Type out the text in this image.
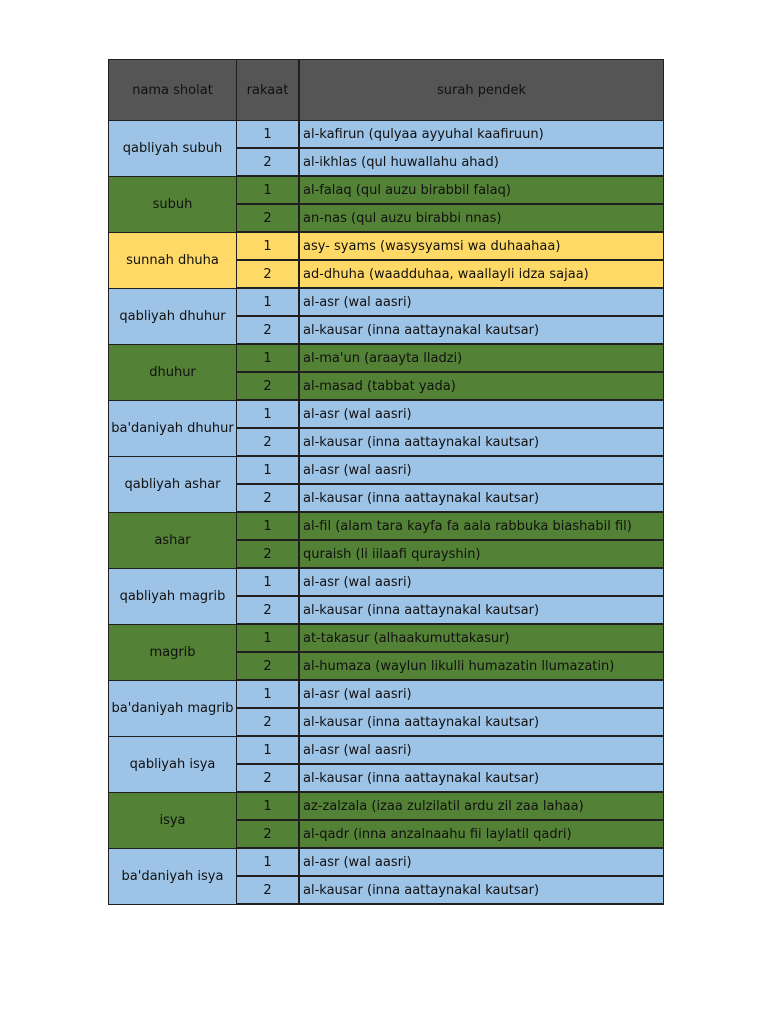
nama sholat	rakaat	surah pendek
qabliyah subuh	1	al-kafirun (qulyaa ayyuhal kaafiruun)
	2	al-ikhlas (qul huwallahu ahad)
subuh	1	al-falaq (qul auzu birabbil falaq)
	2	an-nas (qul auzu birabbi nnas)
sunnah dhuha	1	asy- syams (wasysyamsi wa duhaahaa)
	2	ad-dhuha (waadduhaa, waallayli idza sajaa)
qabliyah dhuhur	1	al-asr (wal aasri)
	2	al-kausar (inna aattaynakal kautsar)
dhuhur	1	al-ma'un (araayta lladzi)
	2	al-masad (tabbat yada)
ba'daniyah dhuhur	1	al-asr (wal aasri)
	2	al-kausar (inna aattaynakal kautsar)
qabliyah ashar	1	al-asr (wal aasri)
	2	al-kausar (inna aattaynakal kautsar)
ashar	1	al-fil (alam tara kayfa fa aala rabbuka biashabil fil)
	2	quraish (li iilaafi qurayshin)
qabliyah magrib	1	al-asr (wal aasri)
	2	al-kausar (inna aattaynakal kautsar)
magrib	1	at-takasur (alhaakumuttakasur)
	2	al-humaza (waylun likulli humazatin llumazatin)
ba'daniyah magrib	1	al-asr (wal aasri)
	2	al-kausar (inna aattaynakal kautsar)
qabliyah isya	1	al-asr (wal aasri)
	2	al-kausar (inna aattaynakal kautsar)
isya	1	az-zalzala (izaa zulzilatil ardu zil zaa lahaa)
	2	al-qadr (inna anzalnaahu fii laylatil qadri)
ba'daniyah isya	1	al-asr (wal aasri)
	2	al-kausar (inna aattaynakal kautsar)
